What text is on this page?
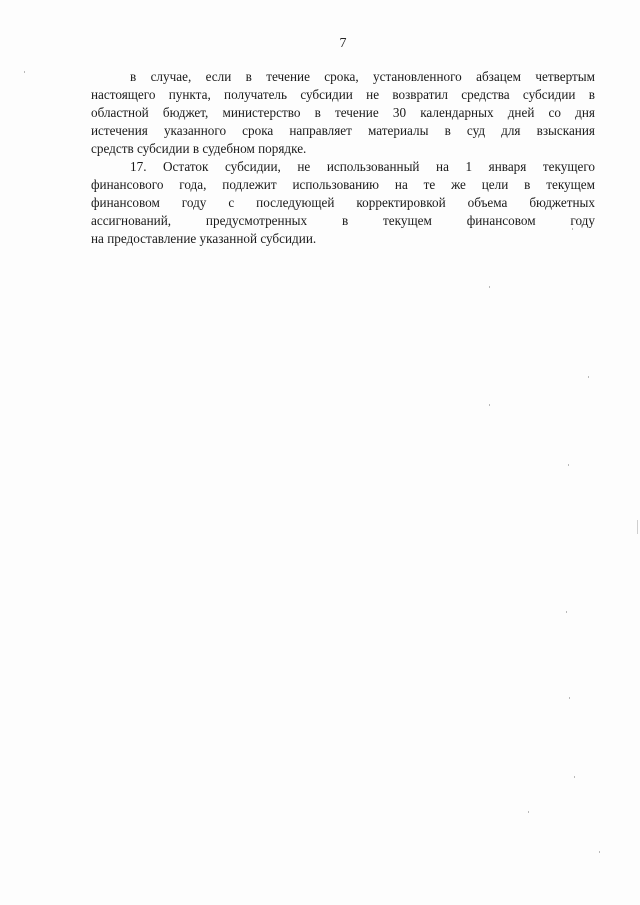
7
в случае, если в течение срока, установленного абзацем четвертым
настоящего пункта, получатель субсидии не возвратил средства субсидии в
областной бюджет, министерство в течение 30 календарных дней со дня
истечения указанного срока направляет материалы в суд для взыскания
средств субсидии в судебном порядке.
17. Остаток субсидии, не использованный на 1 января текущего
финансового года, подлежит использованию на те же цели в текущем
финансовом году с последующей корректировкой объема бюджетных
ассигнований, предусмотренных в текущем финансовом году
на предоставление указанной субсидии.
